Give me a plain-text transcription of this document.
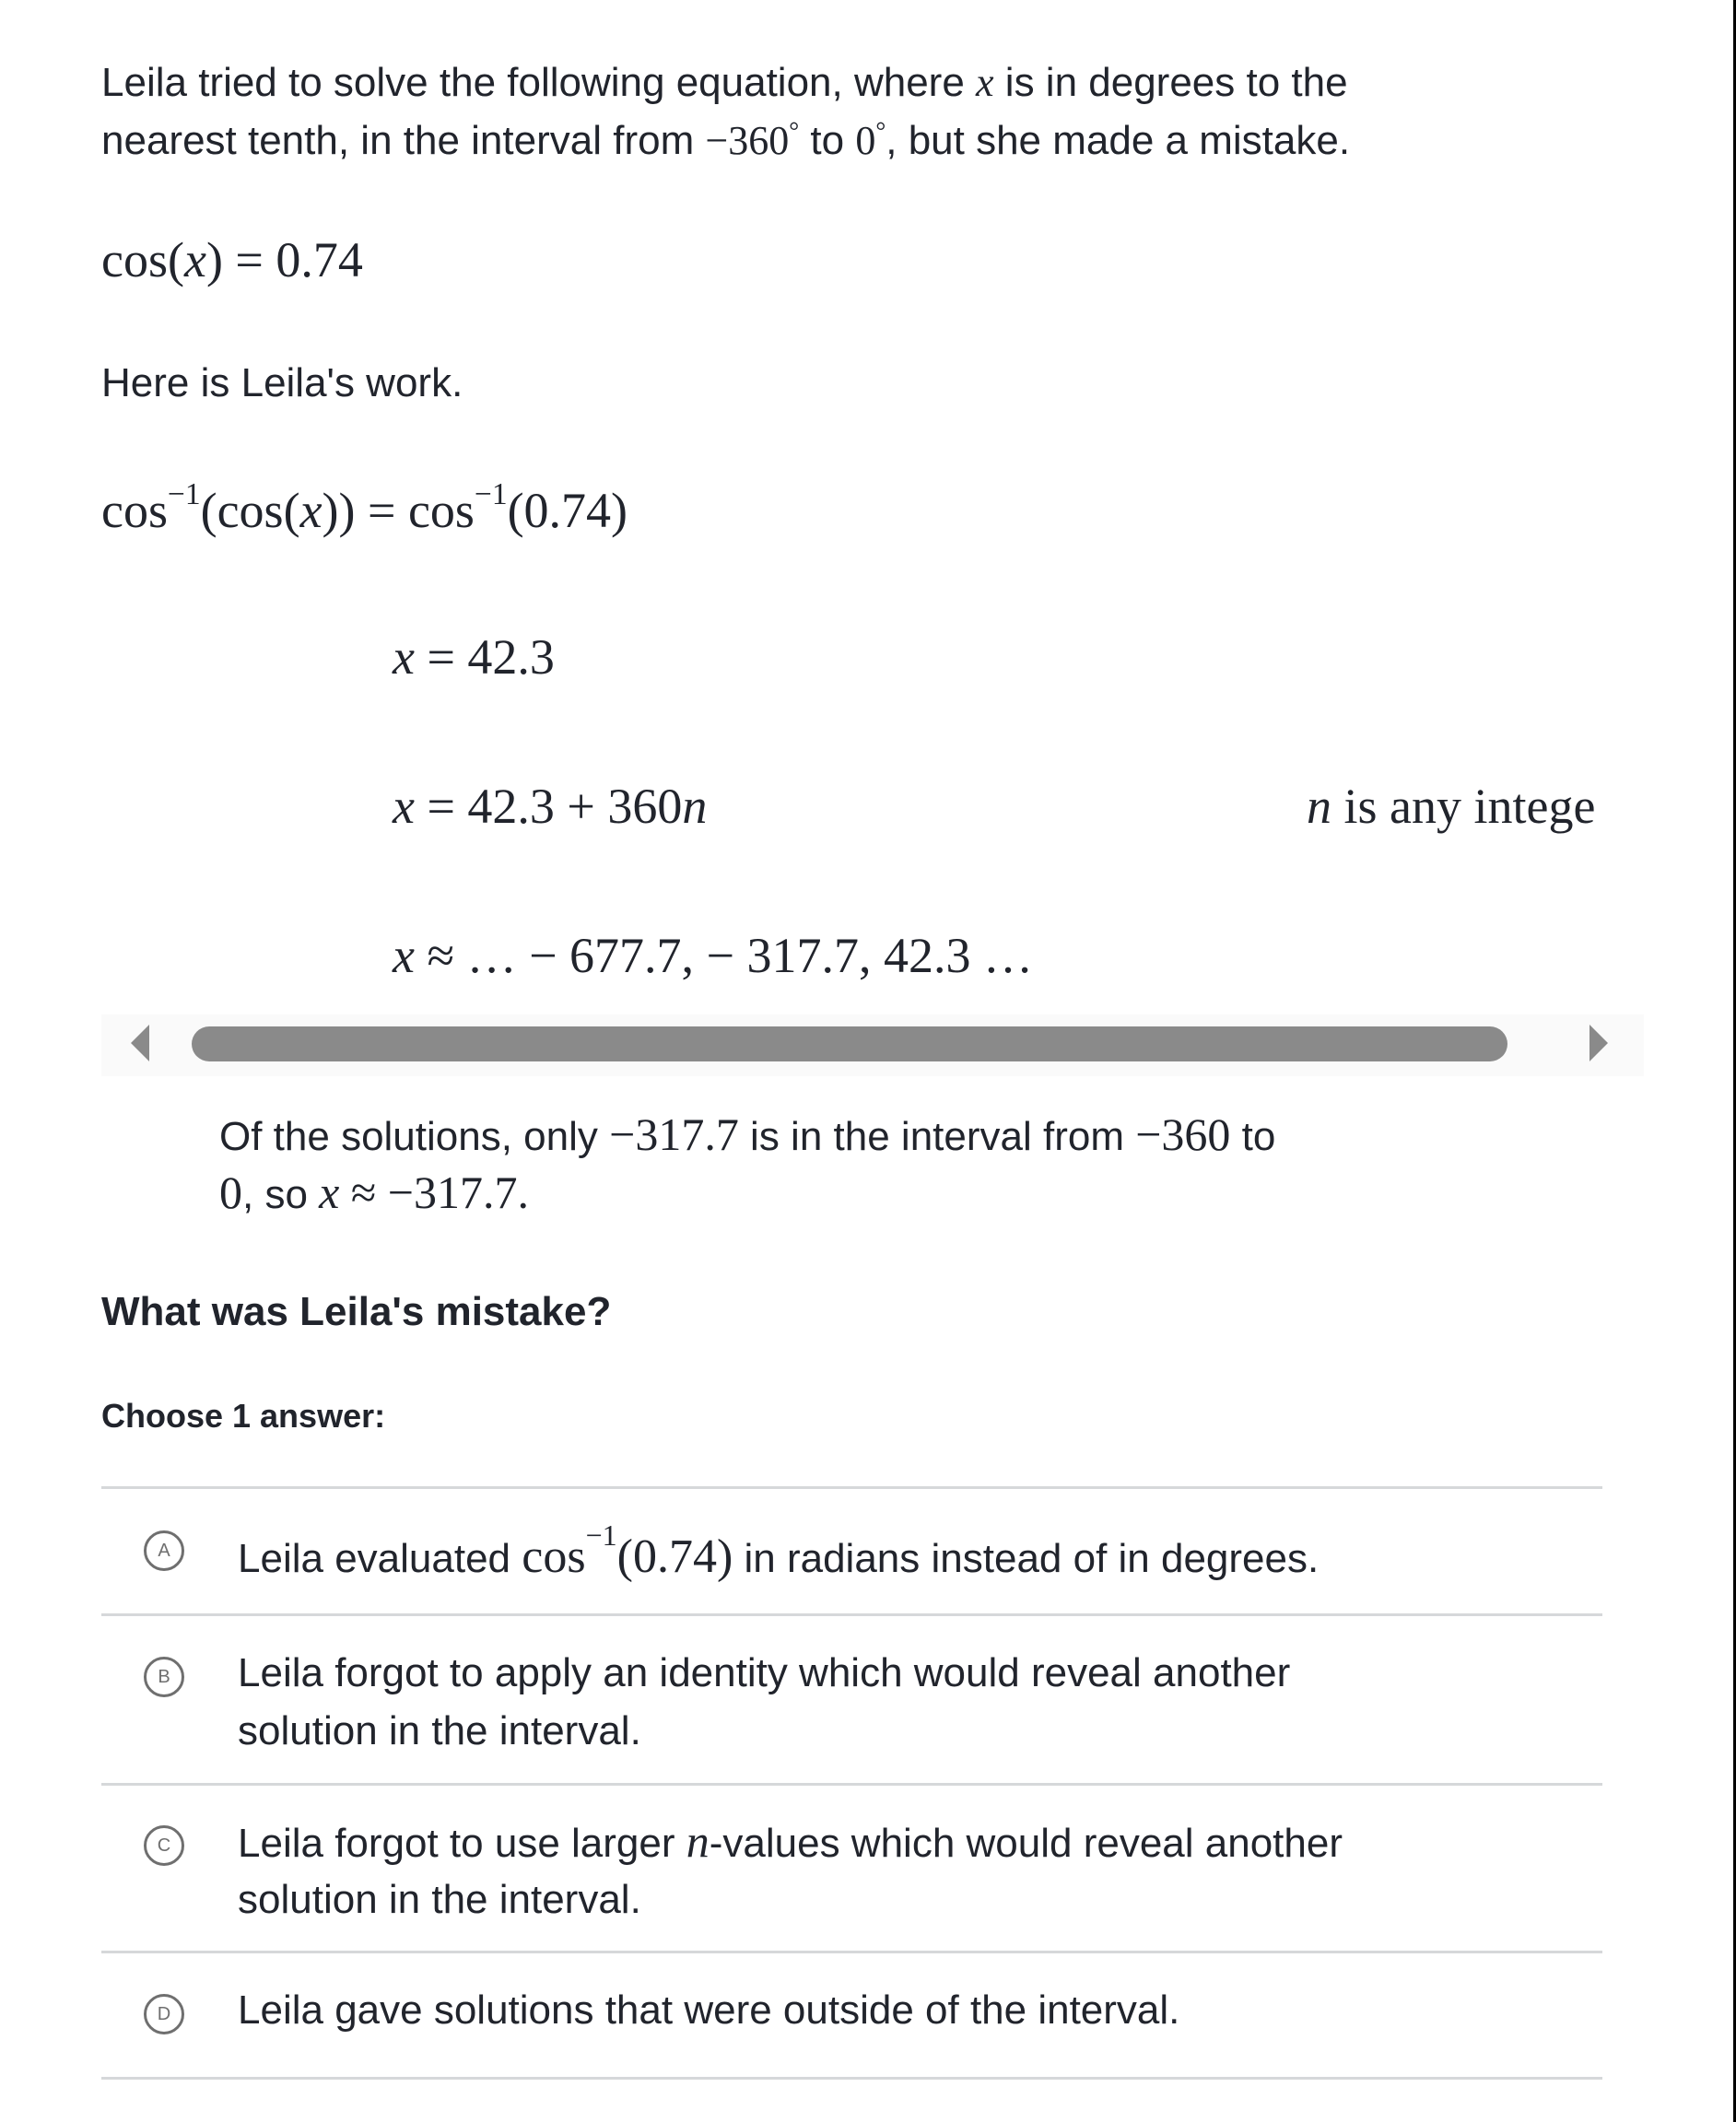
Leila tried to solve the following equation, where x is in degrees to the
nearest tenth, in the interval from −360° to 0°, but she made a mistake.
cos(x) = 0.74
Here is Leila's work.
$\cos^{-1}(\cos(x)) = \cos^{-1}(0.74)$
x = 42.3
x = 42.3 + 360n	n is any intege
x ≈ … − 677.7, − 317.7, 42.3 …
Of the solutions, only −317.7 is in the interval from −360 to
0, so x ≈ −317.7.
What was Leila's mistake?
Choose 1 answer:
A	Leila evaluated $\cos^{-1}(0.74)$ in radians instead of in degrees.
B	Leila forgot to apply an identity which would reveal another
solution in the interval.
C	Leila forgot to use larger n-values which would reveal another
solution in the interval.
D	Leila gave solutions that were outside of the interval.
